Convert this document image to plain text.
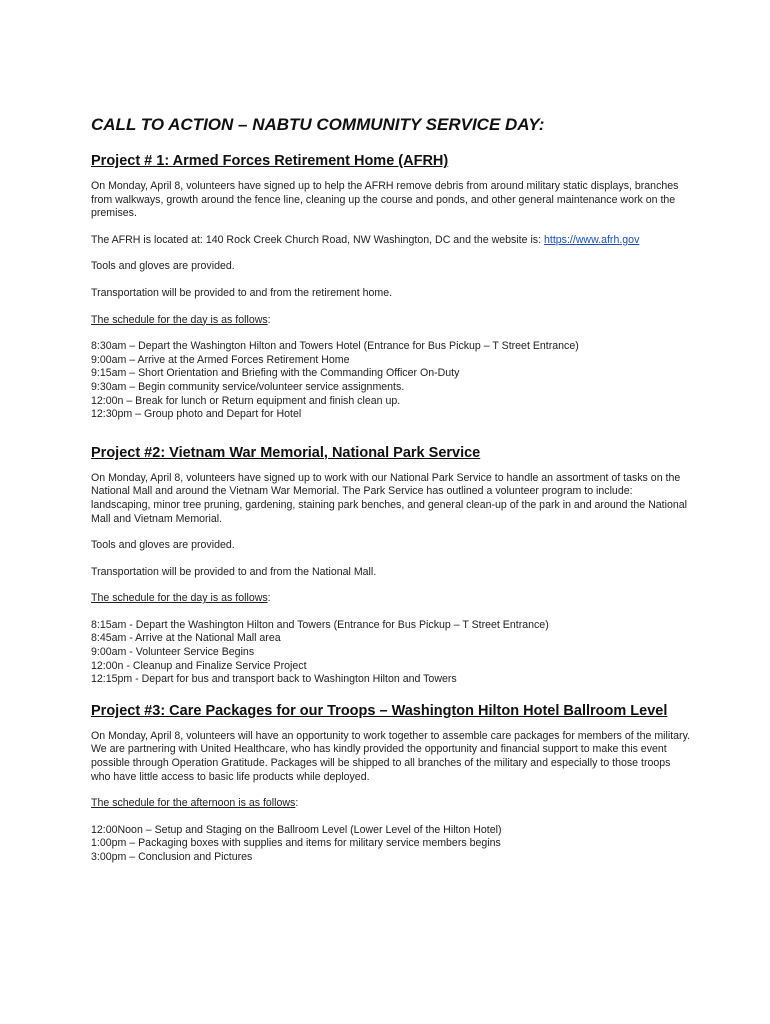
CALL TO ACTION – NABTU COMMUNITY SERVICE DAY:
Project # 1: Armed Forces Retirement Home (AFRH)

On Monday, April 8, volunteers have signed up to help the AFRH remove debris from around military static displays, branches from walkways, growth around the fence line, cleaning up the course and ponds, and other general maintenance work on the premises.

The AFRH is located at: 140 Rock Creek Church Road, NW Washington, DC and the website is: https://www.afrh.gov

Tools and gloves are provided.

Transportation will be provided to and from the retirement home.

The schedule for the day is as follows:

8:30am – Depart the Washington Hilton and Towers Hotel (Entrance for Bus Pickup – T Street Entrance)
9:00am – Arrive at the Armed Forces Retirement Home
9:15am – Short Orientation and Briefing with the Commanding Officer On-Duty
9:30am – Begin community service/volunteer service assignments.
12:00n – Break for lunch or Return equipment and finish clean up.
12:30pm – Group photo and Depart for Hotel
Project #2: Vietnam War Memorial, National Park Service

On Monday, April 8, volunteers have signed up to work with our National Park Service to handle an assortment of tasks on the National Mall and around the Vietnam War Memorial. The Park Service has outlined a volunteer program to include: landscaping, minor tree pruning, gardening, staining park benches, and general clean-up of the park in and around the National Mall and Vietnam Memorial.

Tools and gloves are provided.

Transportation will be provided to and from the National Mall.

The schedule for the day is as follows:

8:15am - Depart the Washington Hilton and Towers (Entrance for Bus Pickup – T Street Entrance)
8:45am - Arrive at the National Mall area
9:00am - Volunteer Service Begins
12:00n - Cleanup and Finalize Service Project
12:15pm - Depart for bus and transport back to Washington Hilton and Towers
Project #3: Care Packages for our Troops – Washington Hilton Hotel Ballroom Level

On Monday, April 8, volunteers will have an opportunity to work together to assemble care packages for members of the military. We are partnering with United Healthcare, who has kindly provided the opportunity and financial support to make this event possible through Operation Gratitude. Packages will be shipped to all branches of the military and especially to those troops who have little access to basic life products while deployed.

The schedule for the afternoon is as follows:

12:00Noon – Setup and Staging on the Ballroom Level (Lower Level of the Hilton Hotel)
1:00pm – Packaging boxes with supplies and items for military service members begins
3:00pm – Conclusion and Pictures
